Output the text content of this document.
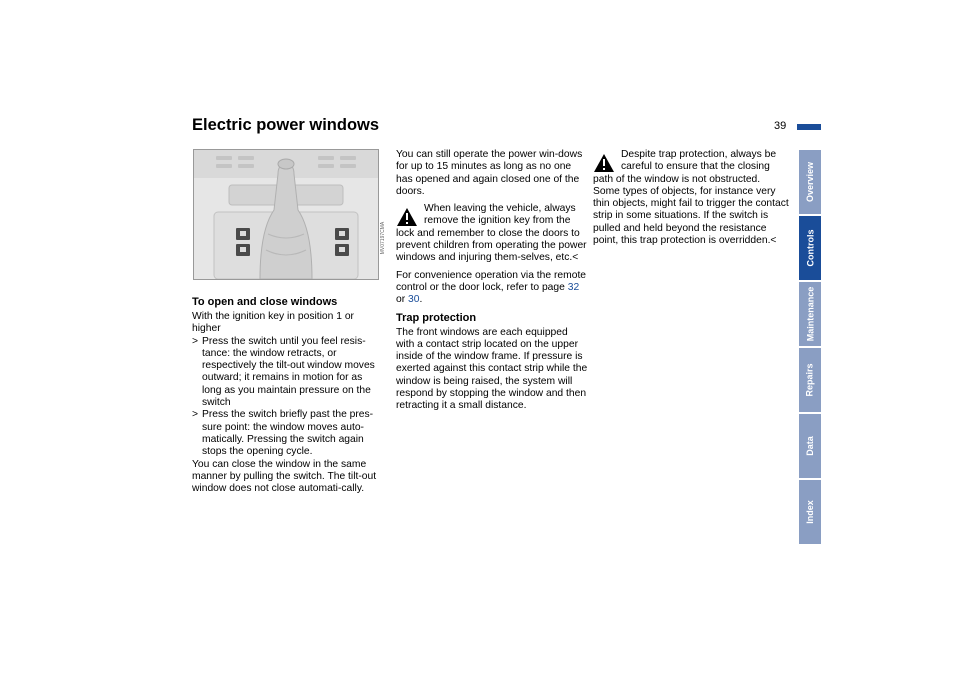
Electric power windows	39
Overview
Controls
Maintenance
Repairs
Data
Index
MV07197CMA
To open and close windows

With the ignition key in position 1 or higher

> Press the switch until you feel resis-tance: the window retracts, or respectively the tilt-out window moves outward; it remains in motion for as long as you maintain pressure on the switch
> Press the switch briefly past the pres-sure point: the window moves auto-matically. Pressing the switch again stops the opening cycle.

You can close the window in the same manner by pulling the switch. The tilt-out window does not close automati-cally.

You can still operate the power win-dows for up to 15 minutes as long as no one has opened and again closed one of the doors.

When leaving the vehicle, always remove the ignition key from the

lock and remember to close the doors to prevent children from operating the power windows and injuring them-selves, etc.<

For convenience operation via the remote control or the door lock, refer to page 32 or 30.

Trap protection

The front windows are each equipped with a contact strip located on the upper inside of the window frame. If pressure is exerted against this contact strip while the window is being raised, the system will respond by stopping the window and then retracting it a small distance.

Despite trap protection, always be careful to ensure that the closing

path of the window is not obstructed. Some types of objects, for instance very thin objects, might fail to trigger the contact strip in some situations. If the switch is pulled and held beyond the resistance point, this trap protection is overridden.<
